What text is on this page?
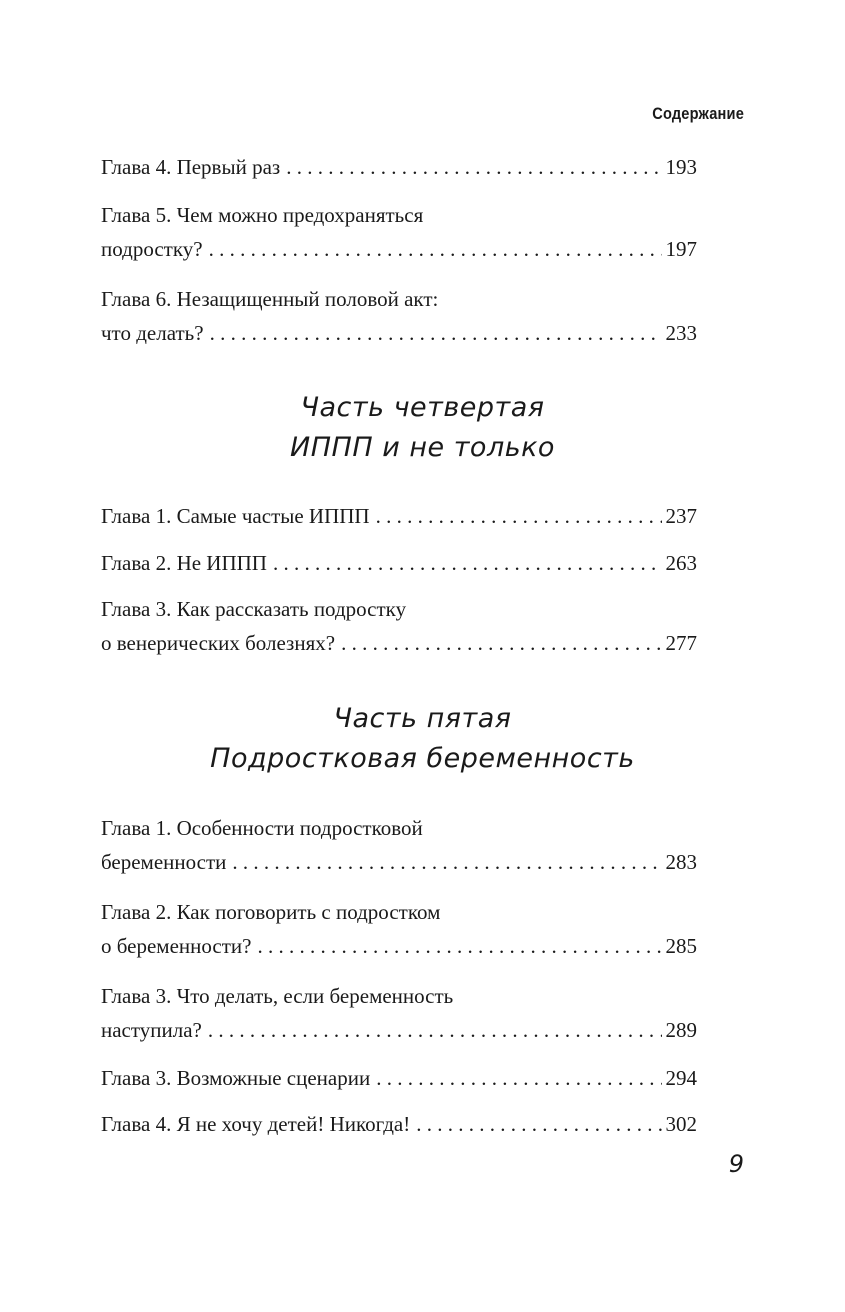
Содержание
Глава 4. Первый раз . . .	193
Глава 5. Чем можно предохраняться
подростку? . . .	197
Глава 6. Незащищенный половой акт:
что делать? . . .	233
Часть четвертая
ИППП и не только
Глава 1. Самые частые ИППП . . .	237
Глава 2. Не ИППП . . .	263
Глава 3. Как рассказать подростку
о венерических болезнях? . . .	277
Часть пятая
Подростковая беременность
Глава 1. Особенности подростковой
беременности . . .	283
Глава 2. Как поговорить с подростком
о беременности? . . .	285
Глава 3. Что делать, если беременность
наступила? . . .	289
Глава 3. Возможные сценарии . . .	294
Глава 4. Я не хочу детей! Никогда! . . .	302
9
